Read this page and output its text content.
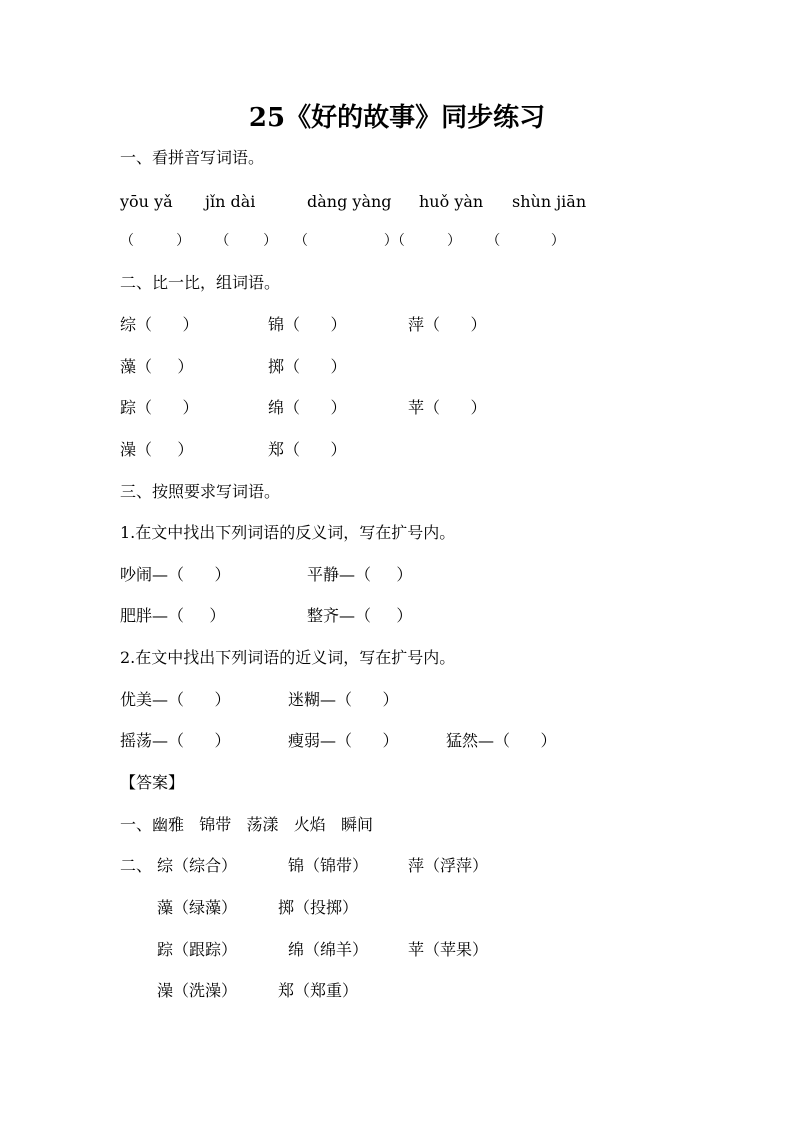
25《好的故事》同步练习
一、看拼音写词语。
yōu yǎ jǐn dài	dàng yàng huǒ yàn shùn jiān
（     ）   （    ）  （         ）（     ）   （      ）
二、比一比，组词语。
综（      ）	锦（      ）	萍（      ）
藻（     ）	掷（      ）
踪（      ）	绵（      ）	苹（      ）
澡（     ）	郑（      ）
三、按照要求写词语。
1.在文中找出下列词语的反义词，写在扩号内。
吵闹—（      ）	平静—（     ）
肥胖—（     ）	整齐—（     ）
2.在文中找出下列词语的近义词，写在扩号内。
优美—（      ）	迷糊—（      ）
摇荡—（      ）	瘦弱—（      ）	猛然—（      ）
【答案】
一、幽雅   锦带   荡漾   火焰   瞬间
二、 综（综合）	锦（锦带） 萍（浮萍）
藻（绿藻）	掷（投掷）
踪（跟踪）	绵（绵羊） 苹（苹果）
澡（洗澡）	郑（郑重）
